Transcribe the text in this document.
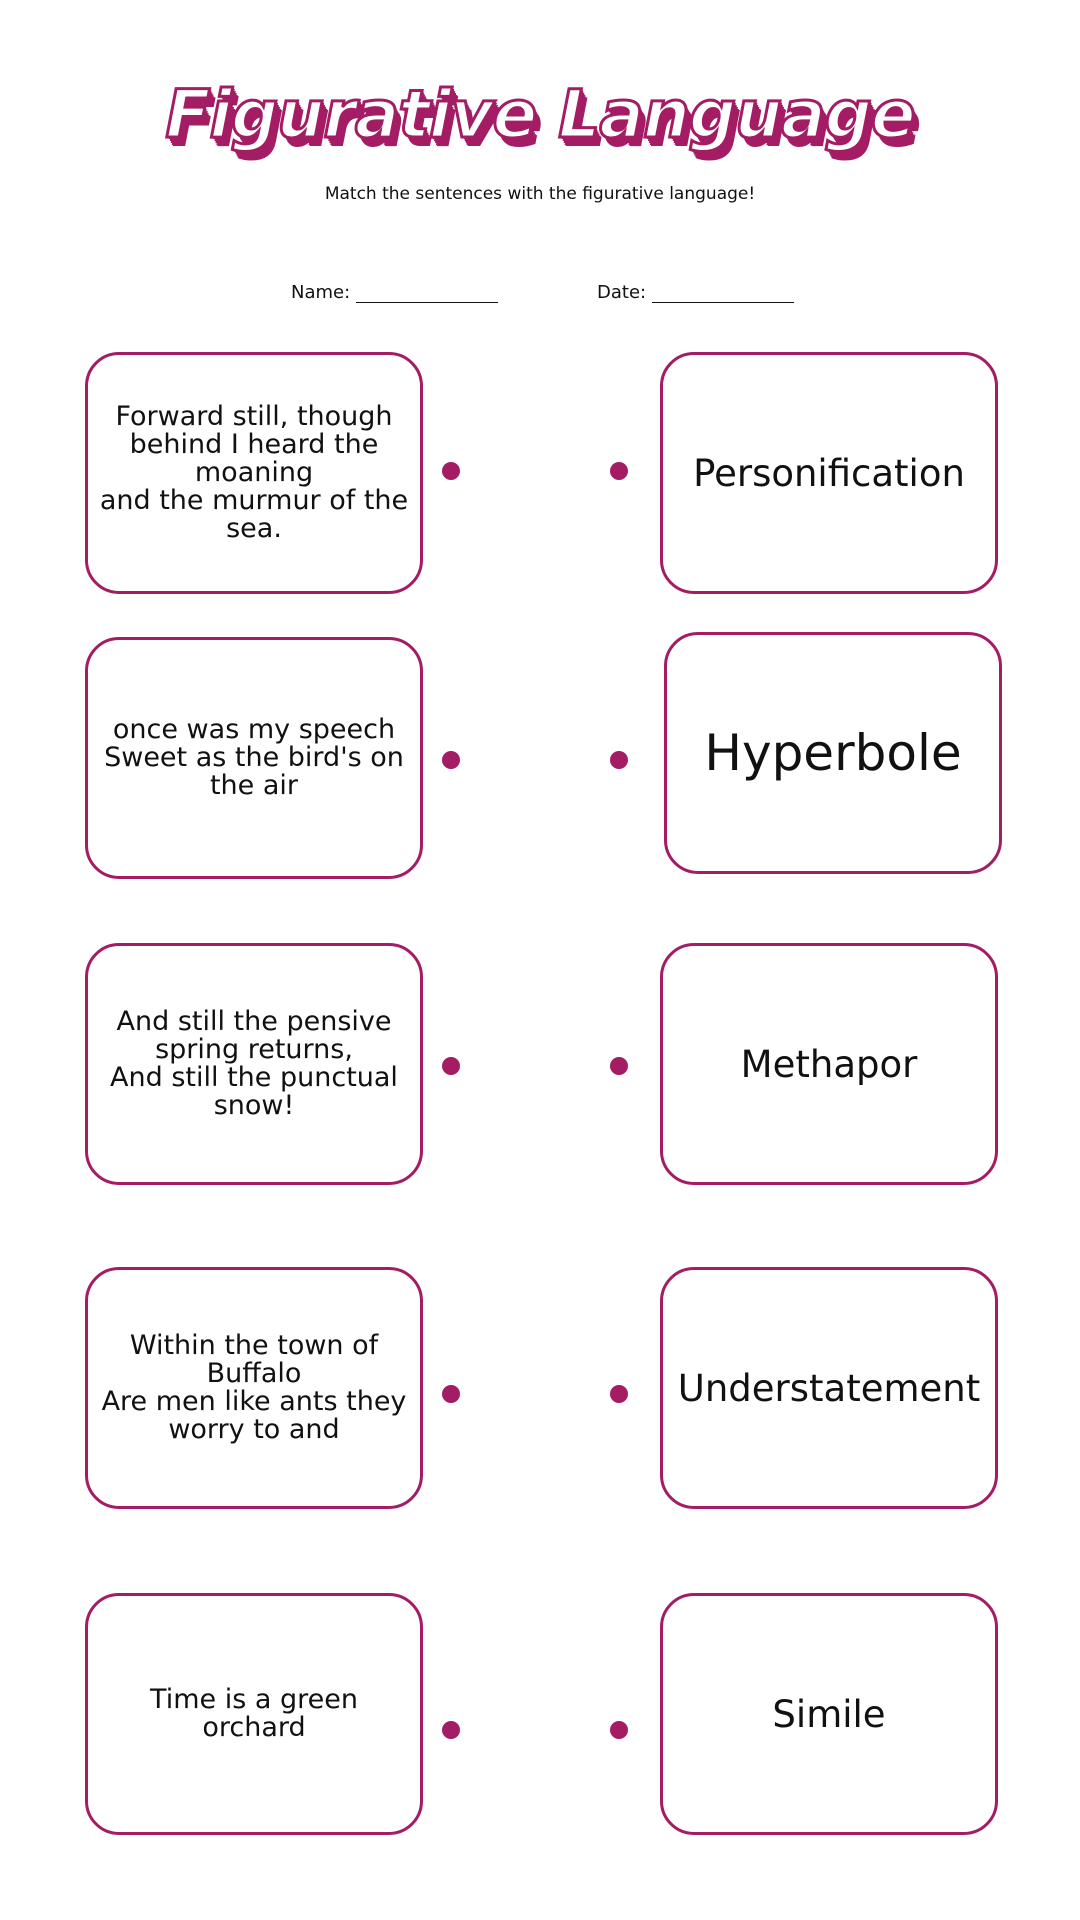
Figurative Language
Match the sentences with the figurative language!
Name:	Date:
Forward still, though behind I heard the moaning
and the murmur of the sea.
Personification
once was my speech
Sweet as the bird's on the air
Hyperbole
And still the pensive spring returns,
And still the punctual snow!
Methapor
Within the town of Buffalo
Are men like ants they worry to and
Understatement
Time is a green orchard	Simile
